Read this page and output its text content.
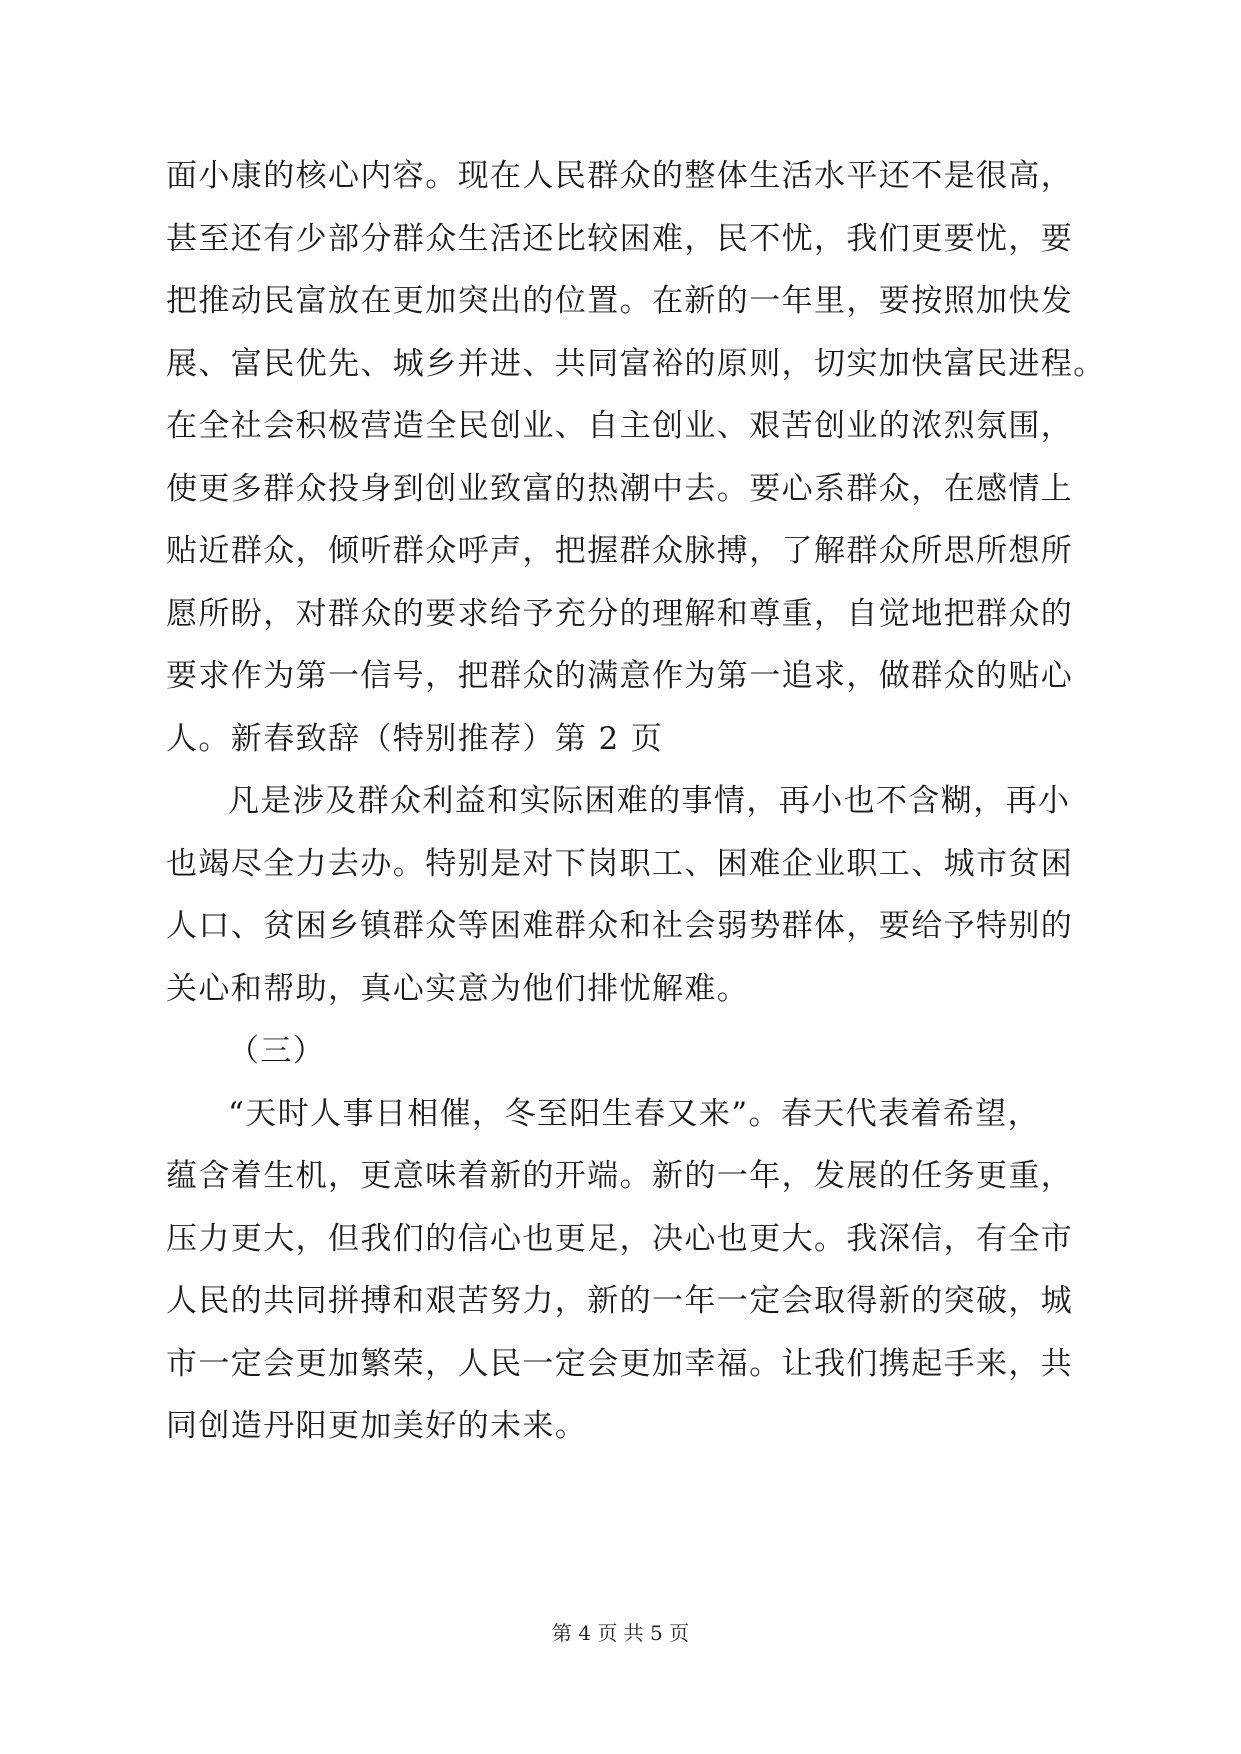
面小康的核心内容。现在人民群众的整体生活水平还不是很高，
甚至还有少部分群众生活还比较困难，民不忧，我们更要忧，要
把推动民富放在更加突出的位置。在新的一年里，要按照加快发
展、富民优先、城乡并进、共同富裕的原则，切实加快富民进程。
在全社会积极营造全民创业、自主创业、艰苦创业的浓烈氛围，
使更多群众投身到创业致富的热潮中去。要心系群众，在感情上
贴近群众，倾听群众呼声，把握群众脉搏，了解群众所思所想所
愿所盼，对群众的要求给予充分的理解和尊重，自觉地把群众的
要求作为第一信号，把群众的满意作为第一追求，做群众的贴心
人。新春致辞（特别推荐）第 2 页
凡是涉及群众利益和实际困难的事情，再小也不含糊，再小
也竭尽全力去办。特别是对下岗职工、困难企业职工、城市贫困
人口、贫困乡镇群众等困难群众和社会弱势群体，要给予特别的
关心和帮助，真心实意为他们排忧解难。
（三）
“天时人事日相催，冬至阳生春又来”。春天代表着希望，
蕴含着生机，更意味着新的开端。新的一年，发展的任务更重，
压力更大，但我们的信心也更足，决心也更大。我深信，有全市
人民的共同拼搏和艰苦努力，新的一年一定会取得新的突破，城
市一定会更加繁荣，人民一定会更加幸福。让我们携起手来，共
同创造丹阳更加美好的未来。
第 4 页 共 5 页
